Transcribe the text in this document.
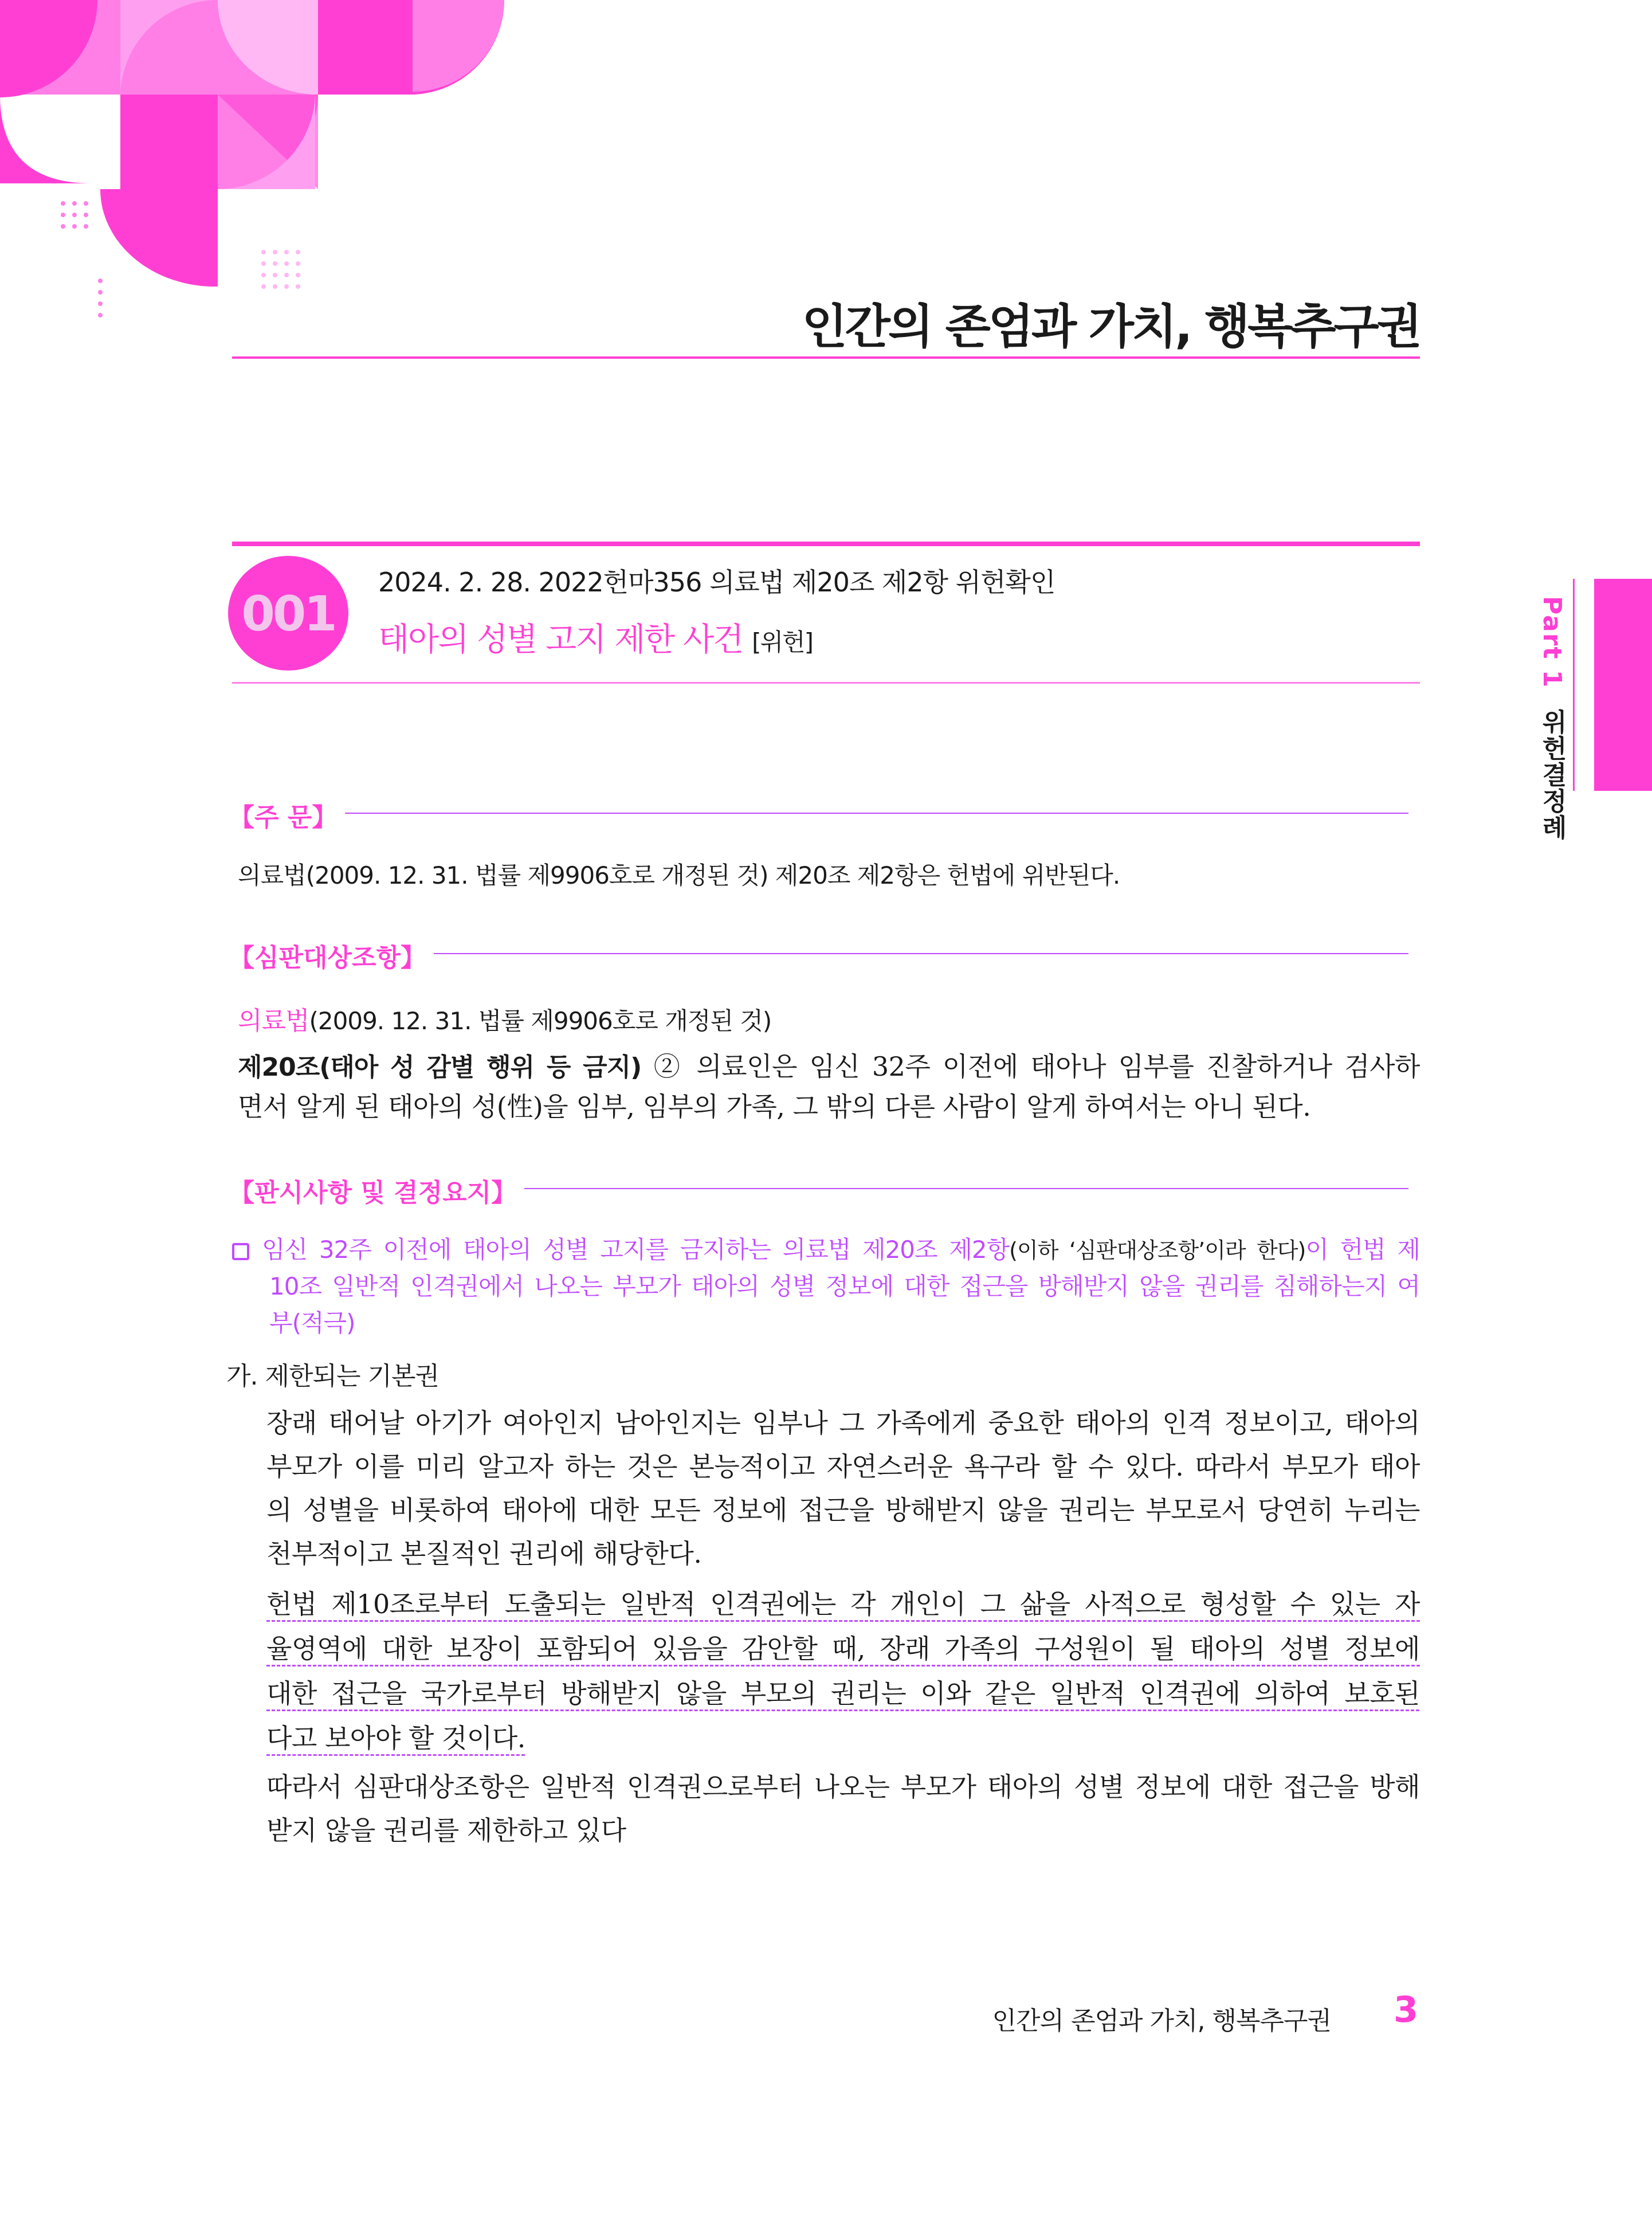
인간의 존엄과 가치, 행복추구권
Part 1 위헌결정례
001
2024. 2. 28. 2022헌마356 의료법 제20조 제2항 위헌확인
태아의 성별 고지 제한 사건 [위헌]
【주 문】
의료법(2009. 12. 31. 법률 제9906호로 개정된 것) 제20조 제2항은 헌법에 위반된다.
【심판대상조항】
의료법(2009. 12. 31. 법률 제9906호로 개정된 것)
제20조(태아 성 감별 행위 등 금지) ② 의료인은 임신 32주 이전에 태아나 임부를 진찰하거나 검사하
면서 알게 된 태아의 성(性)을 임부, 임부의 가족, 그 밖의 다른 사람이 알게 하여서는 아니 된다.
【판시사항 및 결정요지】
임신 32주 이전에 태아의 성별 고지를 금지하는 의료법 제20조 제2항(이하 ‘심판대상조항’이라 한다)이 헌법 제
10조 일반적 인격권에서 나오는 부모가 태아의 성별 정보에 대한 접근을 방해받지 않을 권리를 침해하는지 여
부(적극)
가. 제한되는 기본권
장래 태어날 아기가 여아인지 남아인지는 임부나 그 가족에게 중요한 태아의 인격 정보이고, 태아의
부모가 이를 미리 알고자 하는 것은 본능적이고 자연스러운 욕구라 할 수 있다. 따라서 부모가 태아
의 성별을 비롯하여 태아에 대한 모든 정보에 접근을 방해받지 않을 권리는 부모로서 당연히 누리는
천부적이고 본질적인 권리에 해당한다.
헌법 제10조로부터 도출되는 일반적 인격권에는 각 개인이 그 삶을 사적으로 형성할 수 있는 자
율영역에 대한 보장이 포함되어 있음을 감안할 때, 장래 가족의 구성원이 될 태아의 성별 정보에
대한 접근을 국가로부터 방해받지 않을 부모의 권리는 이와 같은 일반적 인격권에 의하여 보호된
다고 보아야 할 것이다.
따라서 심판대상조항은 일반적 인격권으로부터 나오는 부모가 태아의 성별 정보에 대한 접근을 방해
받지 않을 권리를 제한하고 있다
인간의 존엄과 가치, 행복추구권 3
